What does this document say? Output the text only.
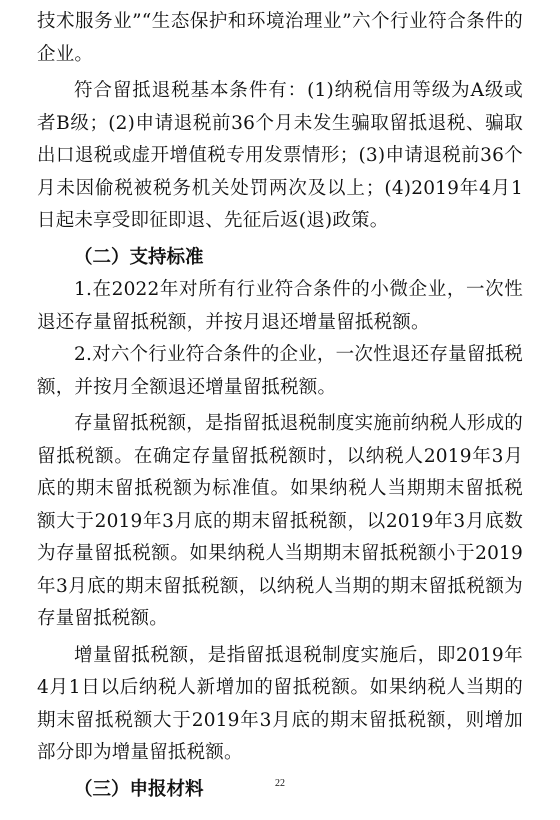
技术服务业”“生态保护和环境治理业”六个行业符合条件的企业。

符合留抵退税基本条件有：(1)纳税信用等级为A级或者B级；(2)申请退税前36个月未发生骗取留抵退税、骗取出口退税或虚开增值税专用发票情形；(3)申请退税前36个月未因偷税被税务机关处罚两次及以上；(4)2019年4月1日起未享受即征即退、先征后返(退)政策。

（二）支持标准

1.在2022年对所有行业符合条件的小微企业，一次性退还存量留抵税额，并按月退还增量留抵税额。

2.对六个行业符合条件的企业，一次性退还存量留抵税额，并按月全额退还增量留抵税额。

存量留抵税额，是指留抵退税制度实施前纳税人形成的留抵税额。在确定存量留抵税额时，以纳税人2019年3月底的期末留抵税额为标准值。如果纳税人当期期末留抵税额大于2019年3月底的期末留抵税额，以2019年3月底数为存量留抵税额。如果纳税人当期期末留抵税额小于2019年3月底的期末留抵税额，以纳税人当期的期末留抵税额为存量留抵税额。

增量留抵税额，是指留抵退税制度实施后，即2019年4月1日以后纳税人新增加的留抵税额。如果纳税人当期的期末留抵税额大于2019年3月底的期末留抵税额，则增加部分即为增量留抵税额。

（三）申报材料	22
